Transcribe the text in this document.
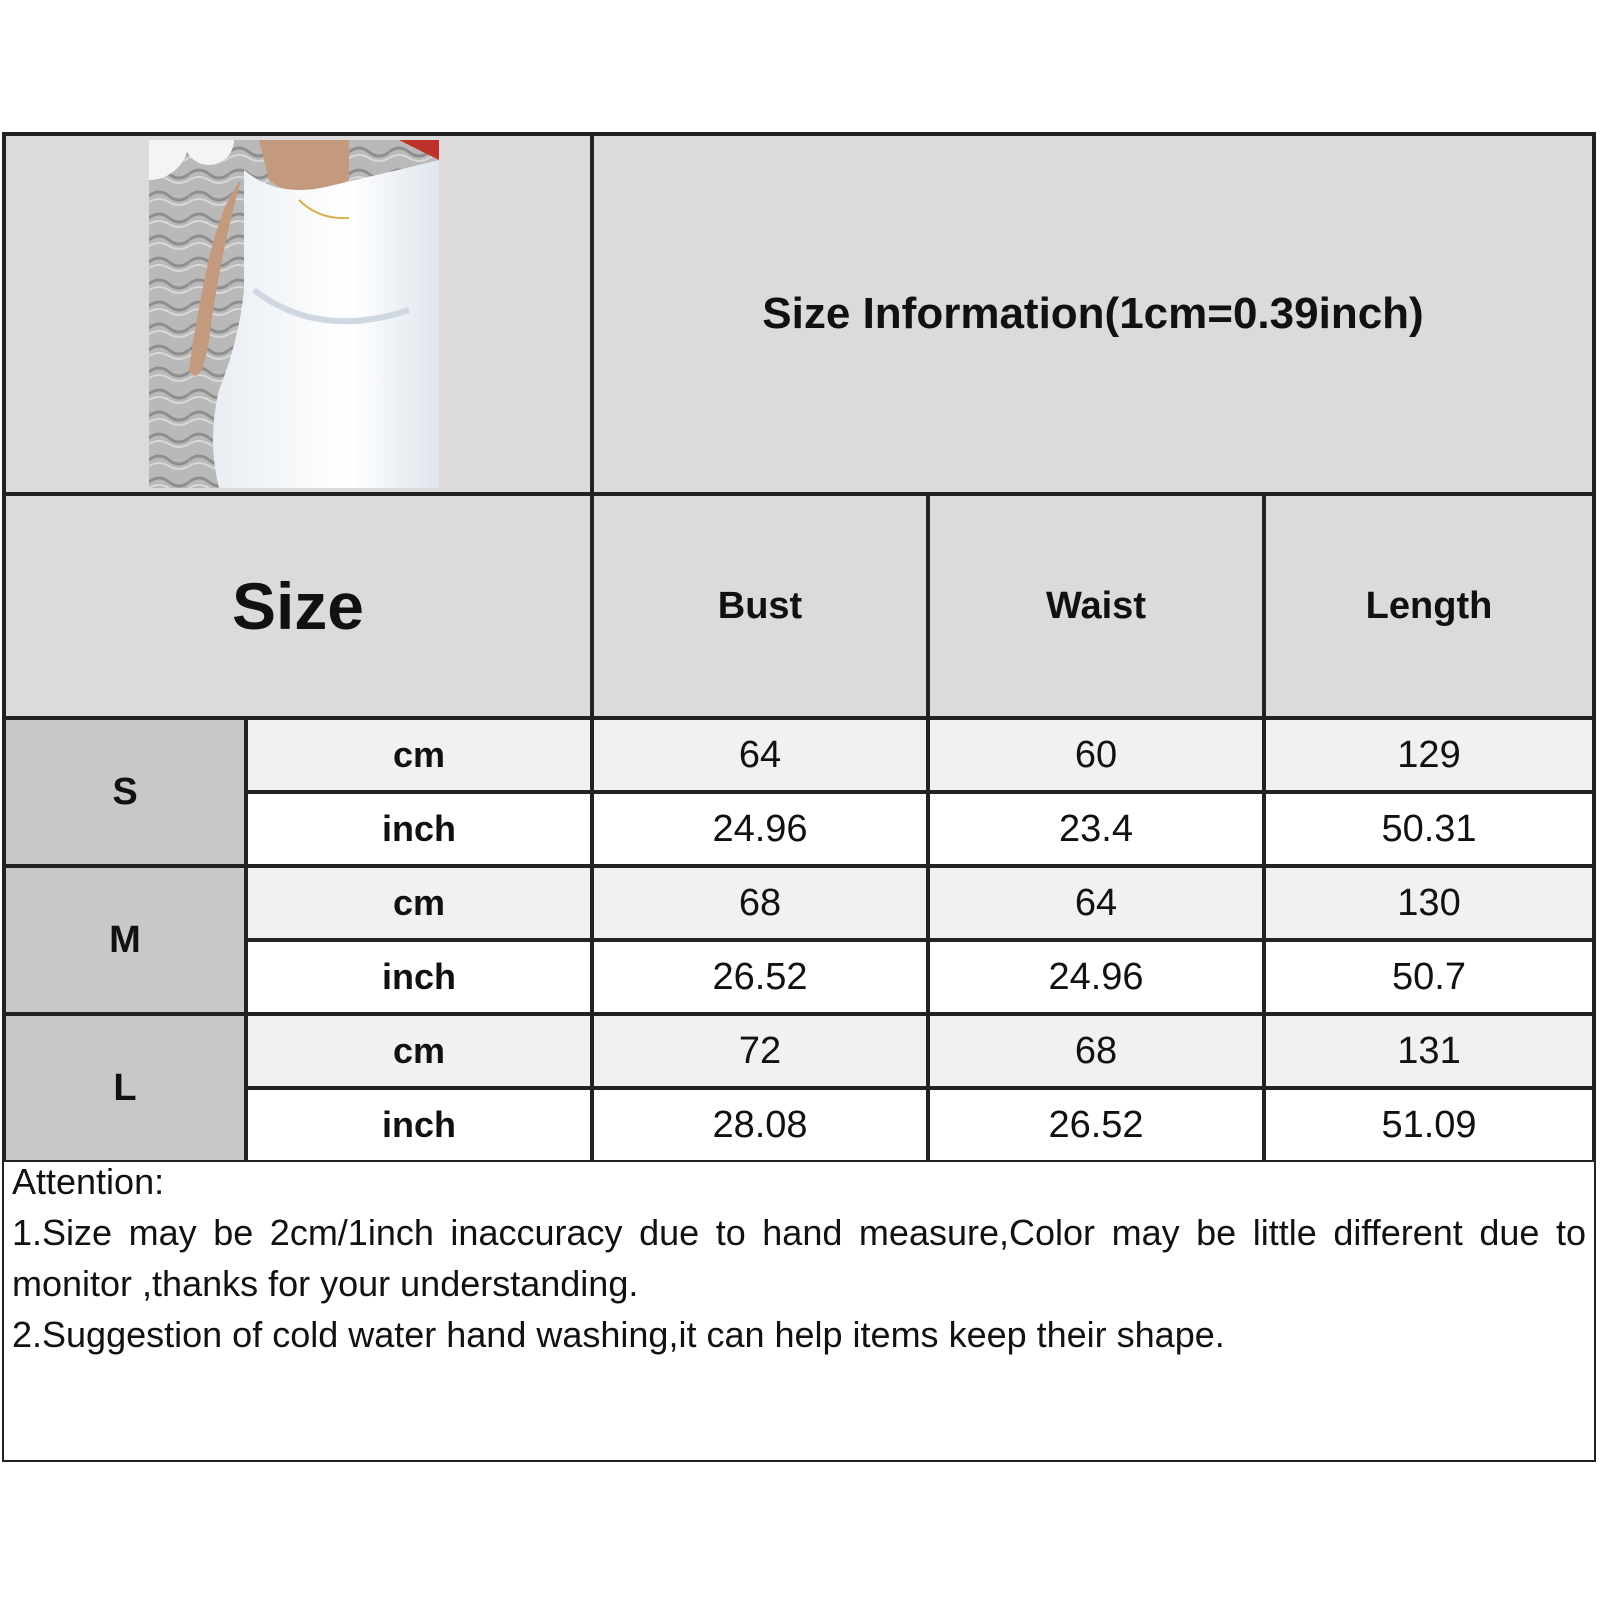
Size Information(1cm=0.39inch)
Size	Bust	Waist	Length
S
cm	64	60	129
inch	24.96	23.4	50.31
M
cm	68	64	130
inch	26.52	24.96	50.7
L
cm	72	68	131
inch	28.08	26.52	51.09
Attention:
1.Size may be 2cm/1inch inaccuracy due to hand measure,Color may be little different due to monitor ,thanks for your understanding.
2.Suggestion of cold water hand washing,it can help items keep their shape.
